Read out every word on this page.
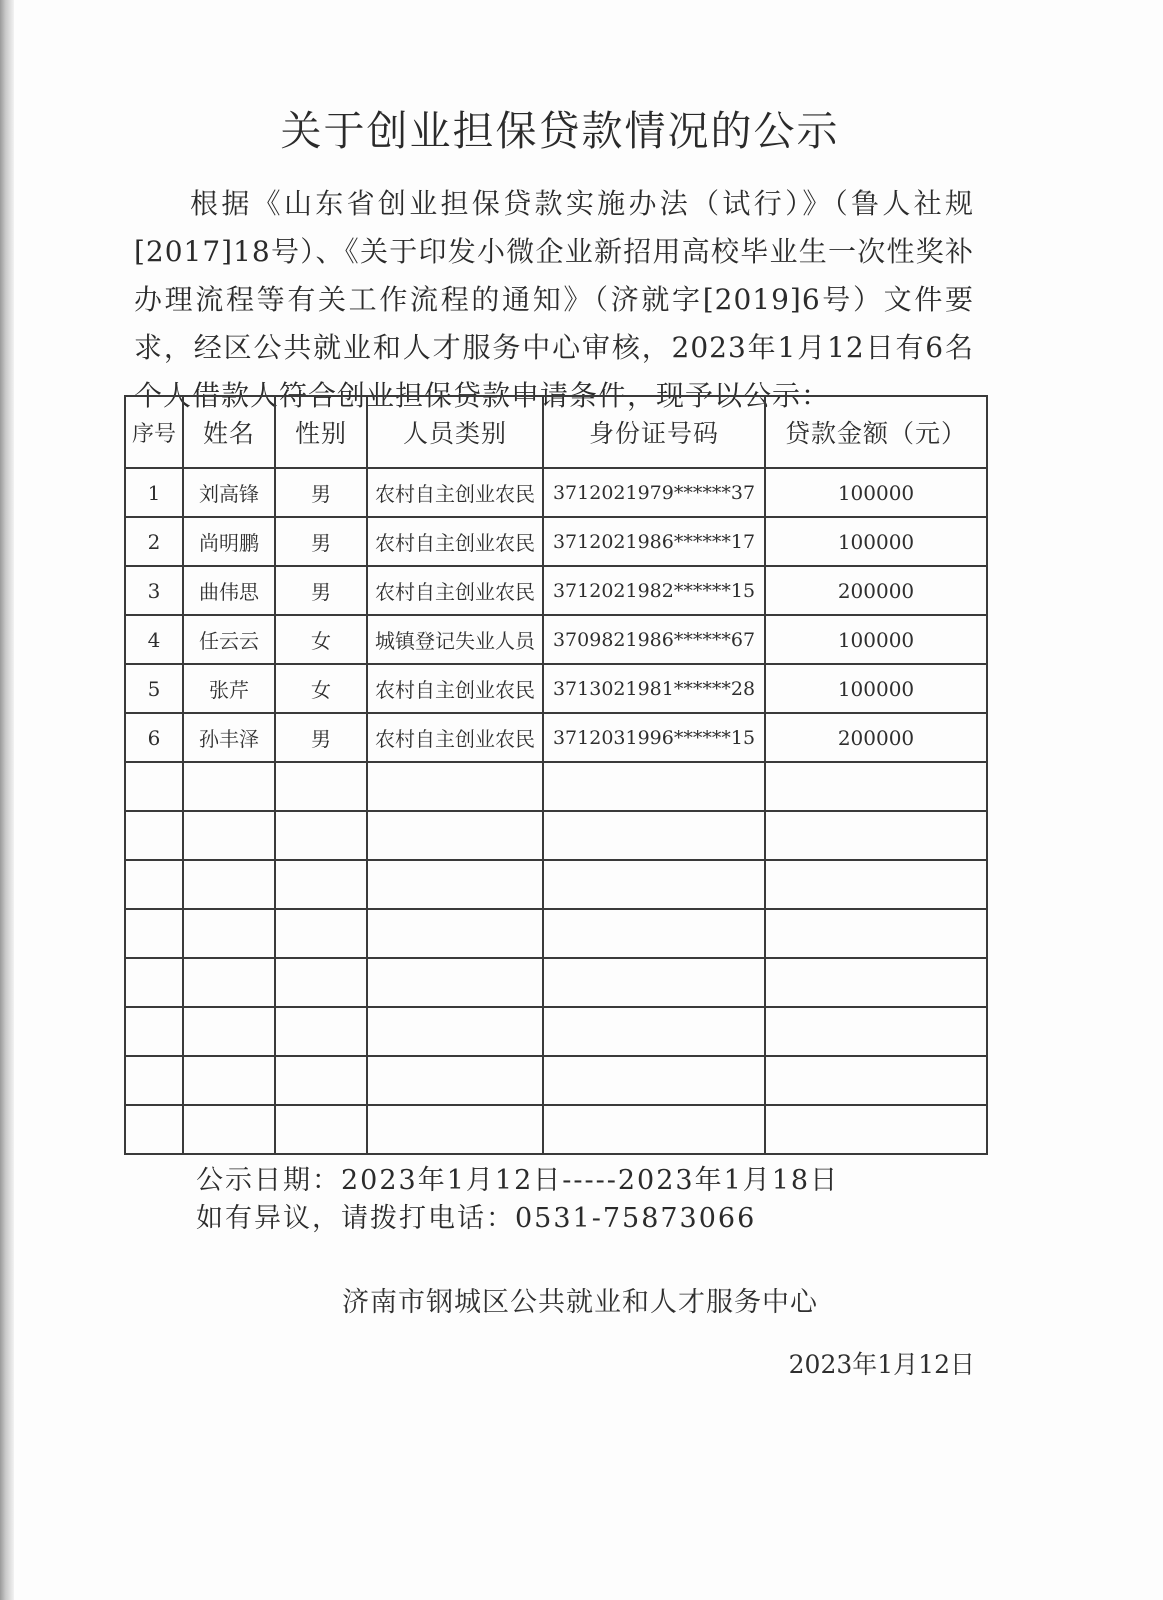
关于创业担保贷款情况的公示
根据《山东省创业担保贷款实施办法（试行）》（鲁人社规[2017]18号）、《关于印发小微企业新招用高校毕业生一次性奖补办理流程等有关工作流程的通知》（济就字[2019]6号）文件要求，经区公共就业和人才服务中心审核，2023年1月12日有6名个人借款人符合创业担保贷款申请条件，现予以公示：
序号	姓名	性别	人员类别	身份证号码	贷款金额（元）
1	刘高锋	男	农村自主创业农民	3712021979******37	100000
2	尚明鹏	男	农村自主创业农民	3712021986******17	100000
3	曲伟思	男	农村自主创业农民	3712021982******15	200000
4	任云云	女	城镇登记失业人员	3709821986******67	100000
5	张芹	女	农村自主创业农民	3713021981******28	100000
6	孙丰泽	男	农村自主创业农民	3712031996******15	200000

公示日期：2023年1月12日-----2023年1月18日
如有异议，请拨打电话：0531-75873066
济南市钢城区公共就业和人才服务中心
2023年1月12日
